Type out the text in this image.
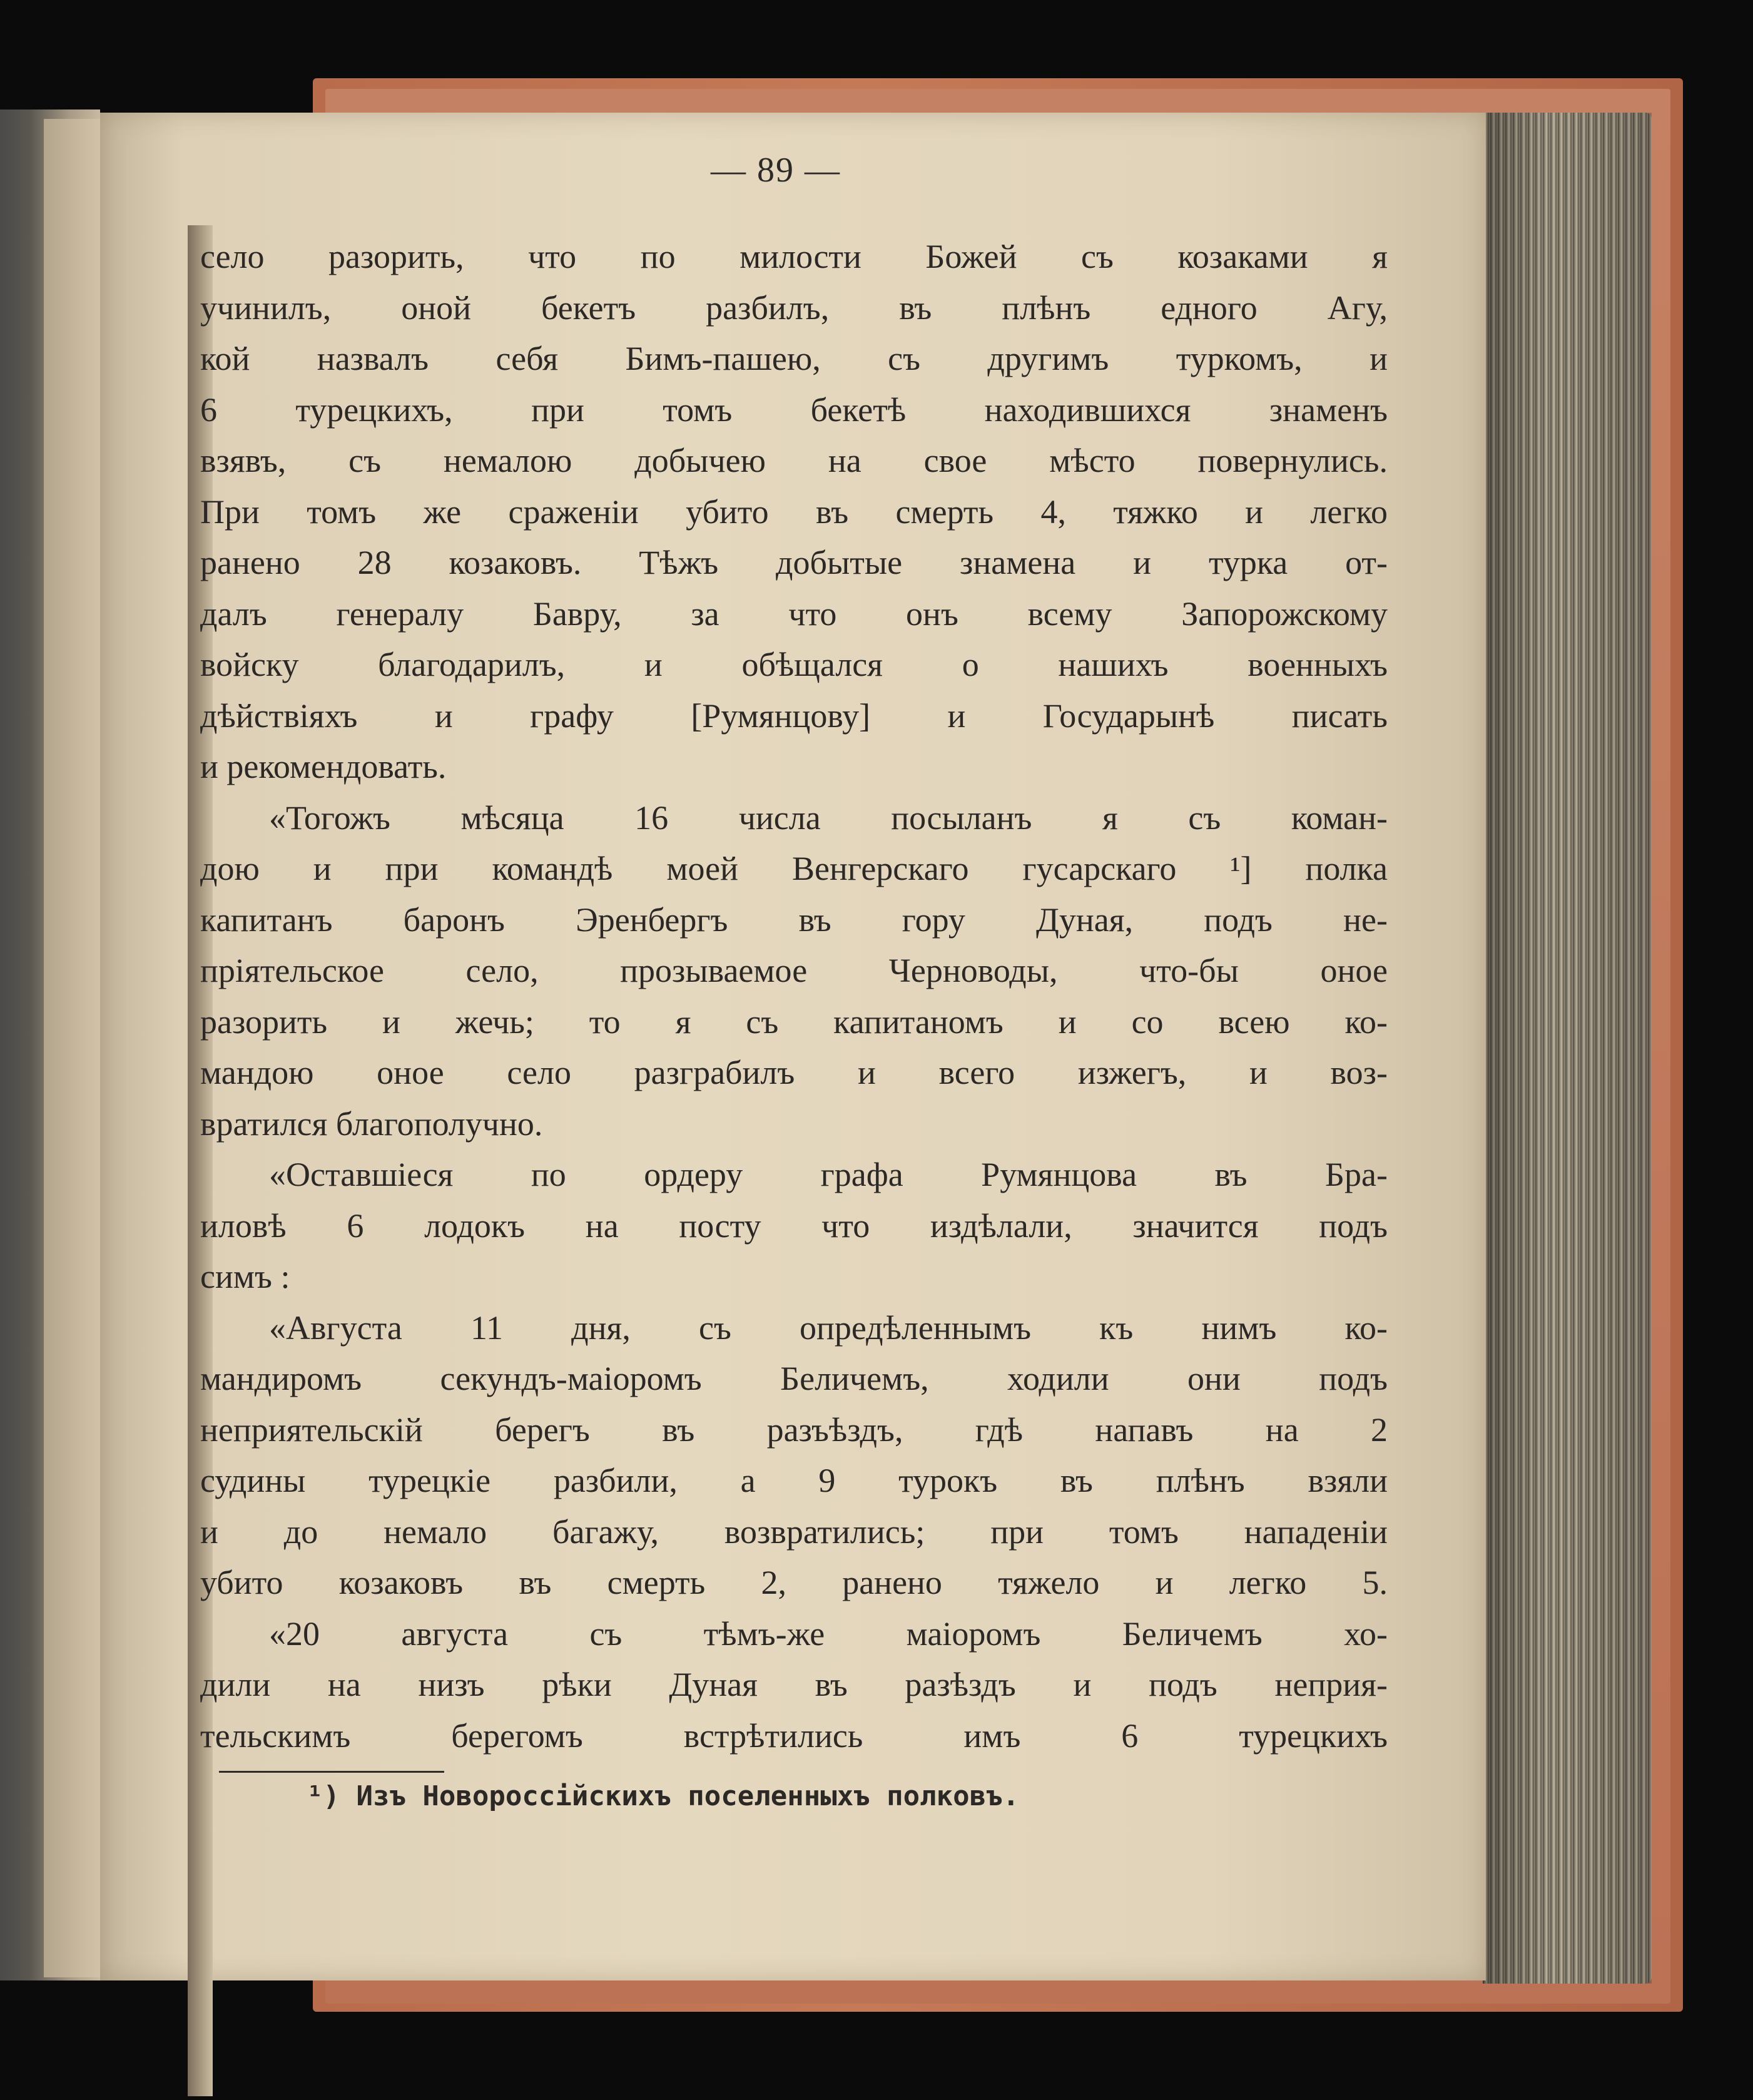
— 89 —
село разорить, что по милости Божей съ козаками я
учинилъ, оной бекетъ разбилъ, въ плѣнъ едного Агу,
кой назвалъ себя Бимъ-пашею, съ другимъ туркомъ, и
6 турецкихъ, при томъ бекетѣ находившихся знаменъ
взявъ, съ немалою добычею на свое мѣсто повернулись.
При томъ же сраженіи убито въ смерть 4, тяжко и легко
ранено 28 козаковъ. Тѣжъ добытые знамена и турка от-
далъ генералу Бавру, за что онъ всему Запорожскому
войску благодарилъ, и обѣщался о нашихъ военныхъ
дѣйствіяхъ и графу [Румянцову] и Государынѣ писать
и рекомендовать.
«Тогожъ мѣсяца 16 числа посыланъ я съ коман-
дою и при командѣ моей Венгерскаго гусарскаго ¹] полка
капитанъ баронъ Эренбергъ въ гору Дуная, подъ не-
пріятельское село, прозываемое Черноводы, что-бы оное
разорить и жечь; то я съ капитаномъ и со всею ко-
мандою оное село разграбилъ и всего изжегъ, и воз-
вратился благополучно.
«Оставшіеся по ордеру графа Румянцова въ Бра-
иловѣ 6 лодокъ на посту что издѣлали, значится подъ
симъ :
«Августа 11 дня, съ опредѣленнымъ къ нимъ ко-
мандиромъ секундъ-маіоромъ Беличемъ, ходили они подъ
неприятельскій берегъ въ разъѣздъ, гдѣ напавъ на 2
судины турецкіе разбили, а 9 турокъ въ плѣнъ взяли
и до немало багажу, возвратились; при томъ нападеніи
убито козаковъ въ смерть 2, ранено тяжело и легко 5.
«20 августа съ тѣмъ-же маіоромъ Беличемъ хо-
дили на низъ рѣки Дуная въ разѣздъ и подъ неприя-
тельскимъ берегомъ встрѣтились имъ 6 турецкихъ
¹) Изъ Новороссійскихъ поселенныхъ полковъ.
